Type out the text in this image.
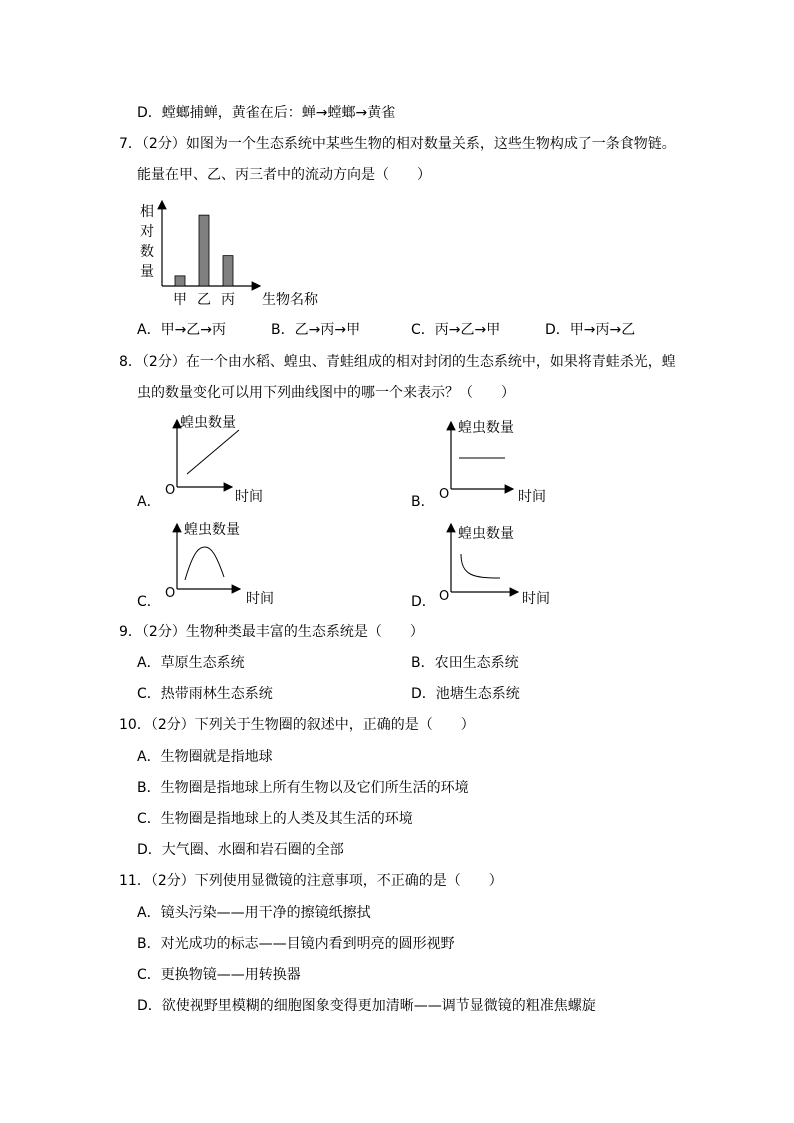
D．螳螂捕蝉，黄雀在后：蝉→螳螂→黄雀
7．（2分）如图为一个生态系统中某些生物的相对数量关系，这些生物构成了一条食物链。
能量在甲、乙、丙三者中的流动方向是（　　）
相
对
数
量
甲 乙 丙 生物名称
A．甲→乙→丙	B．乙→丙→甲	C．丙→乙→甲	D．甲→丙→乙
8．（2分）在一个由水稻、蝗虫、青蛙组成的相对封闭的生态系统中，如果将青蛙杀光，蝗
虫的数量变化可以用下列曲线图中的哪一个来表示？（　　）
A．
蝗虫数量
O	时间	B．
蝗虫数量
O	时间
C．
蝗虫数量
O	时间	D．
蝗虫数量
O	时间
9．（2分）生物种类最丰富的生态系统是（　　）
A．草原生态系统	B．农田生态系统
C．热带雨林生态系统	D．池塘生态系统
10．（2分）下列关于生物圈的叙述中，正确的是（　　）
A．生物圈就是指地球
B．生物圈是指地球上所有生物以及它们所生活的环境
C．生物圈是指地球上的人类及其生活的环境
D．大气圈、水圈和岩石圈的全部
11．（2分）下列使用显微镜的注意事项，不正确的是（　　）
A．镜头污染——用干净的擦镜纸擦拭
B．对光成功的标志——目镜内看到明亮的圆形视野
C．更换物镜——用转换器
D．欲使视野里模糊的细胞图象变得更加清晰——调节显微镜的粗准焦螺旋
